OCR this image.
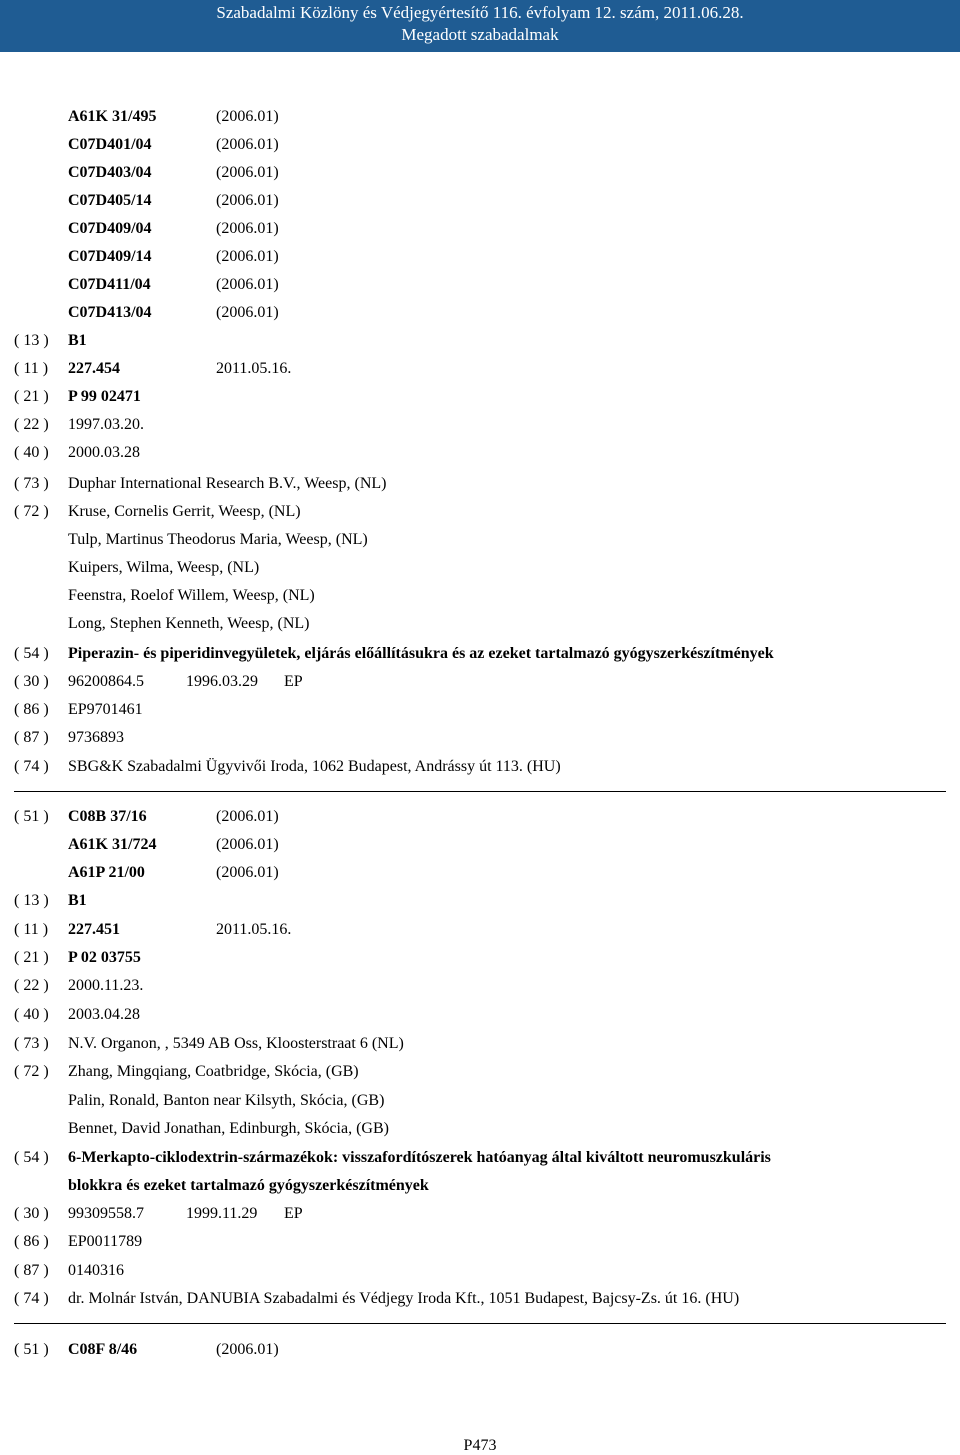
Szabadalmi Közlöny és Védjegyértesítő 116. évfolyam 12. szám, 2011.06.28.
Megadott szabadalmak
A61K 31/495	(2006.01)
C07D401/04	(2006.01)
C07D403/04	(2006.01)
C07D405/14	(2006.01)
C07D409/04	(2006.01)
C07D409/14	(2006.01)
C07D411/04	(2006.01)
C07D413/04	(2006.01)
( 13 )	B1
( 11 )	227.454	2011.05.16.
( 21 )	P 99 02471
( 22 )	1997.03.20.
( 40 )	2000.03.28
( 73 )	Duphar International Research B.V., Weesp, (NL)
( 72 )	Kruse, Cornelis Gerrit, Weesp, (NL)
Tulp, Martinus Theodorus Maria, Weesp, (NL)
Kuipers, Wilma, Weesp, (NL)
Feenstra, Roelof Willem, Weesp, (NL)
Long, Stephen Kenneth, Weesp, (NL)
( 54 )	Piperazin- és piperidinvegyületek, eljárás előállításukra és az ezeket tartalmazó gyógyszerkészítmények
( 30 )	96200864.5	1996.03.29 EP
( 86 )	EP9701461
( 87 )	9736893
( 74 )	SBG&K Szabadalmi Ügyvivői Iroda, 1062 Budapest, Andrássy út 113. (HU)
( 51 )	C08B 37/16	(2006.01)
A61K 31/724	(2006.01)
A61P 21/00	(2006.01)
( 13 )	B1
( 11 )	227.451	2011.05.16.
( 21 )	P 02 03755
( 22 )	2000.11.23.
( 40 )	2003.04.28
( 73 )	N.V. Organon, , 5349 AB Oss, Kloosterstraat 6 (NL)
( 72 )	Zhang, Mingqiang, Coatbridge, Skócia, (GB)
Palin, Ronald, Banton near Kilsyth, Skócia, (GB)
Bennet, David Jonathan, Edinburgh, Skócia, (GB)
( 54 )	6-Merkapto-ciklodextrin-származékok: visszafordítószerek hatóanyag által kiváltott neuromuszkuláris
blokkra és ezeket tartalmazó gyógyszerkészítmények
( 30 )	99309558.7	1999.11.29 EP
( 86 )	EP0011789
( 87 )	0140316
( 74 )	dr. Molnár István, DANUBIA Szabadalmi és Védjegy Iroda Kft., 1051 Budapest, Bajcsy-Zs. út 16. (HU)
( 51 )	C08F 8/46	(2006.01)
P473
